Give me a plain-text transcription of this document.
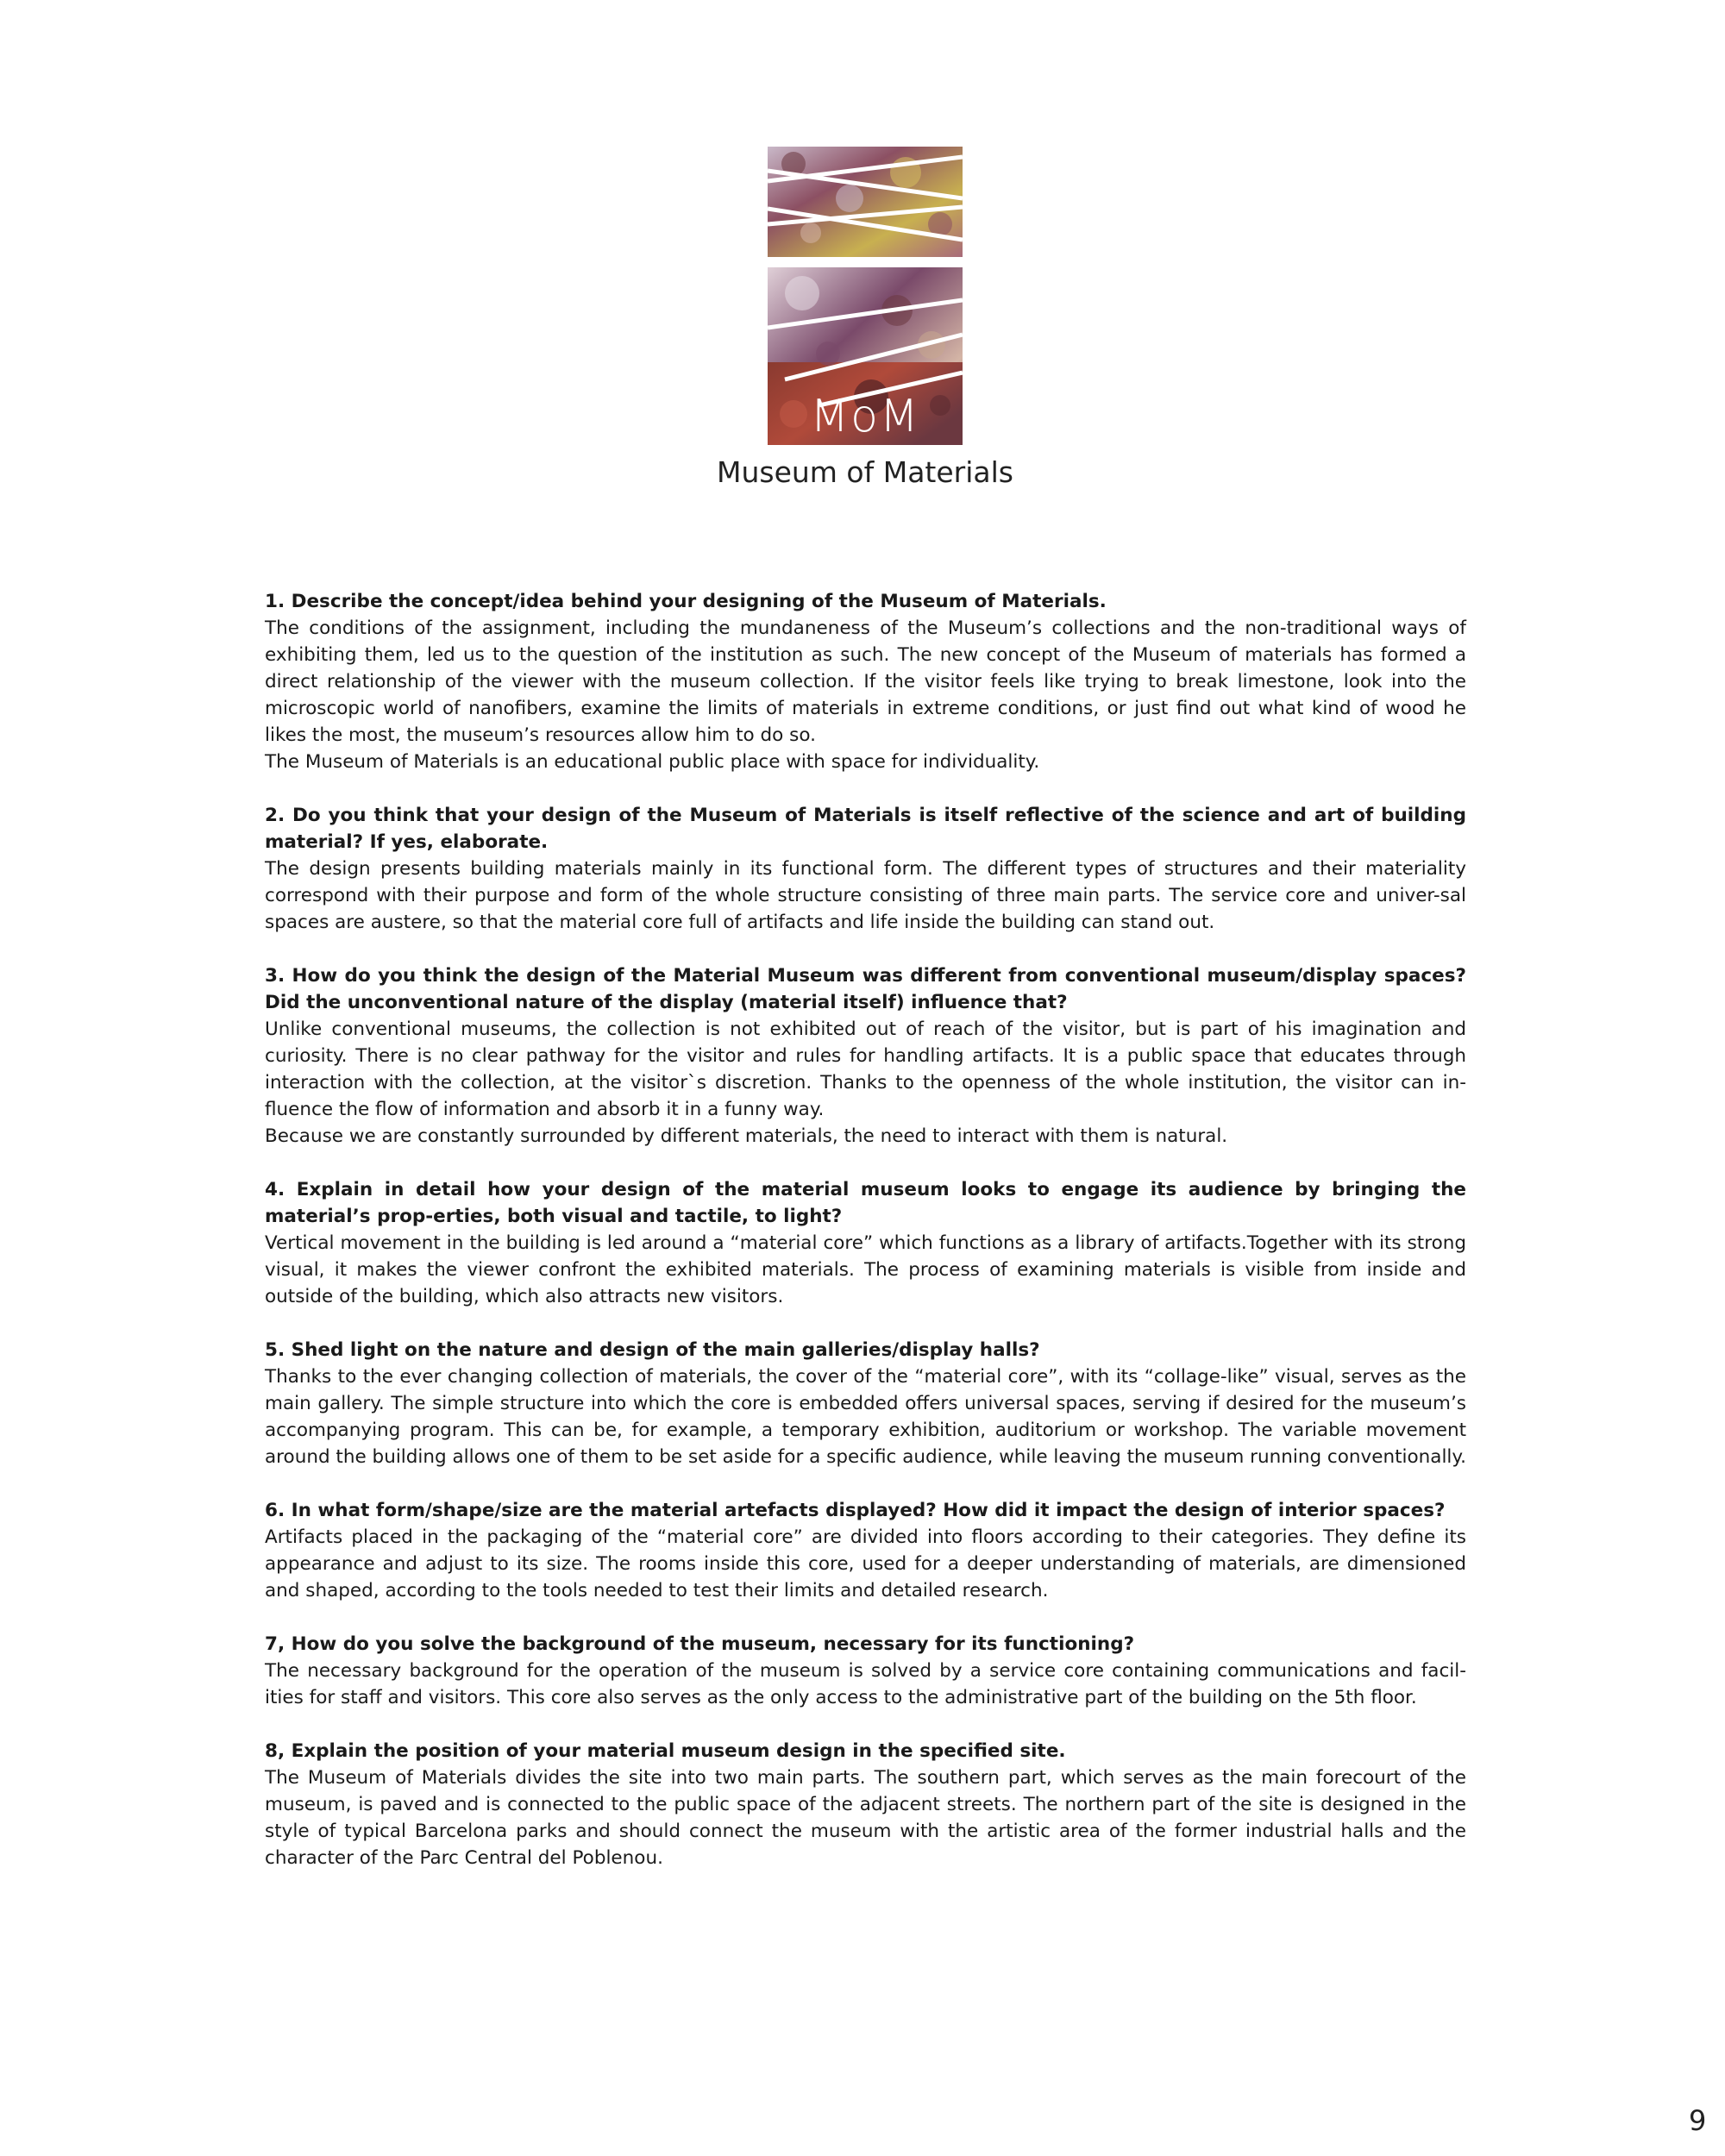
MoM
Museum of Materials

1. Describe the concept/idea behind your designing of the Museum of Materials.

The conditions of the assignment, including the mundaneness of the Museum’s collections and the non-traditional ways of exhibiting them, led us to the question of the institution as such. The new concept of the Museum of materials has formed a direct relationship of the viewer with the museum collection. If the visitor feels like trying to break limestone, look into the microscopic world of nanofibers, examine the limits of materials in extreme conditions, or just find out what kind of wood he likes the most, the museum’s resources allow him to do so.

The Museum of Materials is an educational public place with space for individuality.

2. Do you think that your design of the Museum of Materials is itself reflective of the science and art of building material? If yes, elaborate.

The design presents building materials mainly in its functional form. The different types of structures and their materiality correspond with their purpose and form of the whole structure consisting of three main parts. The service core and univer-sal spaces are austere, so that the material core full of artifacts and life inside the building can stand out.

3. How do you think the design of the Material Museum was different from conventional museum/display spaces? Did the unconventional nature of the display (material itself) influence that?

Unlike conventional museums, the collection is not exhibited out of reach of the visitor, but is part of his imagination and curiosity. There is no clear pathway for the visitor and rules for handling artifacts. It is a public space that educates through interaction with the collection, at the visitor`s discretion. Thanks to the openness of the whole institution, the visitor can in-fluence the flow of information and absorb it in a funny way.

Because we are constantly surrounded by different materials, the need to interact with them is natural.

4. Explain in detail how your design of the material museum looks to engage its audience by bringing the material’s prop-erties, both visual and tactile, to light?

Vertical movement in the building is led around a “material core” which functions as a library of artifacts.Together with its strong visual, it makes the viewer confront the exhibited materials. The process of examining materials is visible from inside and outside of the building, which also attracts new visitors.

5. Shed light on the nature and design of the main galleries/display halls?

Thanks to the ever changing collection of materials, the cover of the “material core”, with its “collage-like” visual, serves as the main gallery. The simple structure into which the core is embedded offers universal spaces, serving if desired for the museum’s accompanying program. This can be, for example, a temporary exhibition, auditorium or workshop. The variable movement around the building allows one of them to be set aside for a specific audience, while leaving the museum running conventionally.

6. In what form/shape/size are the material artefacts displayed? How did it impact the design of interior spaces?

Artifacts placed in the packaging of the “material core” are divided into floors according to their categories. They define its appearance and adjust to its size. The rooms inside this core, used for a deeper understanding of materials, are dimensioned and shaped, according to the tools needed to test their limits and detailed research.

7, How do you solve the background of the museum, necessary for its functioning?

The necessary background for the operation of the museum is solved by a service core containing communications and facil-ities for staff and visitors. This core also serves as the only access to the administrative part of the building on the 5th floor.

8, Explain the position of your material museum design in the specified site.

The Museum of Materials divides the site into two main parts. The southern part, which serves as the main forecourt of the museum, is paved and is connected to the public space of the adjacent streets. The northern part of the site is designed in the style of typical Barcelona parks and should connect the museum with the artistic area of the former industrial halls and the character of the Parc Central del Poblenou.

9
